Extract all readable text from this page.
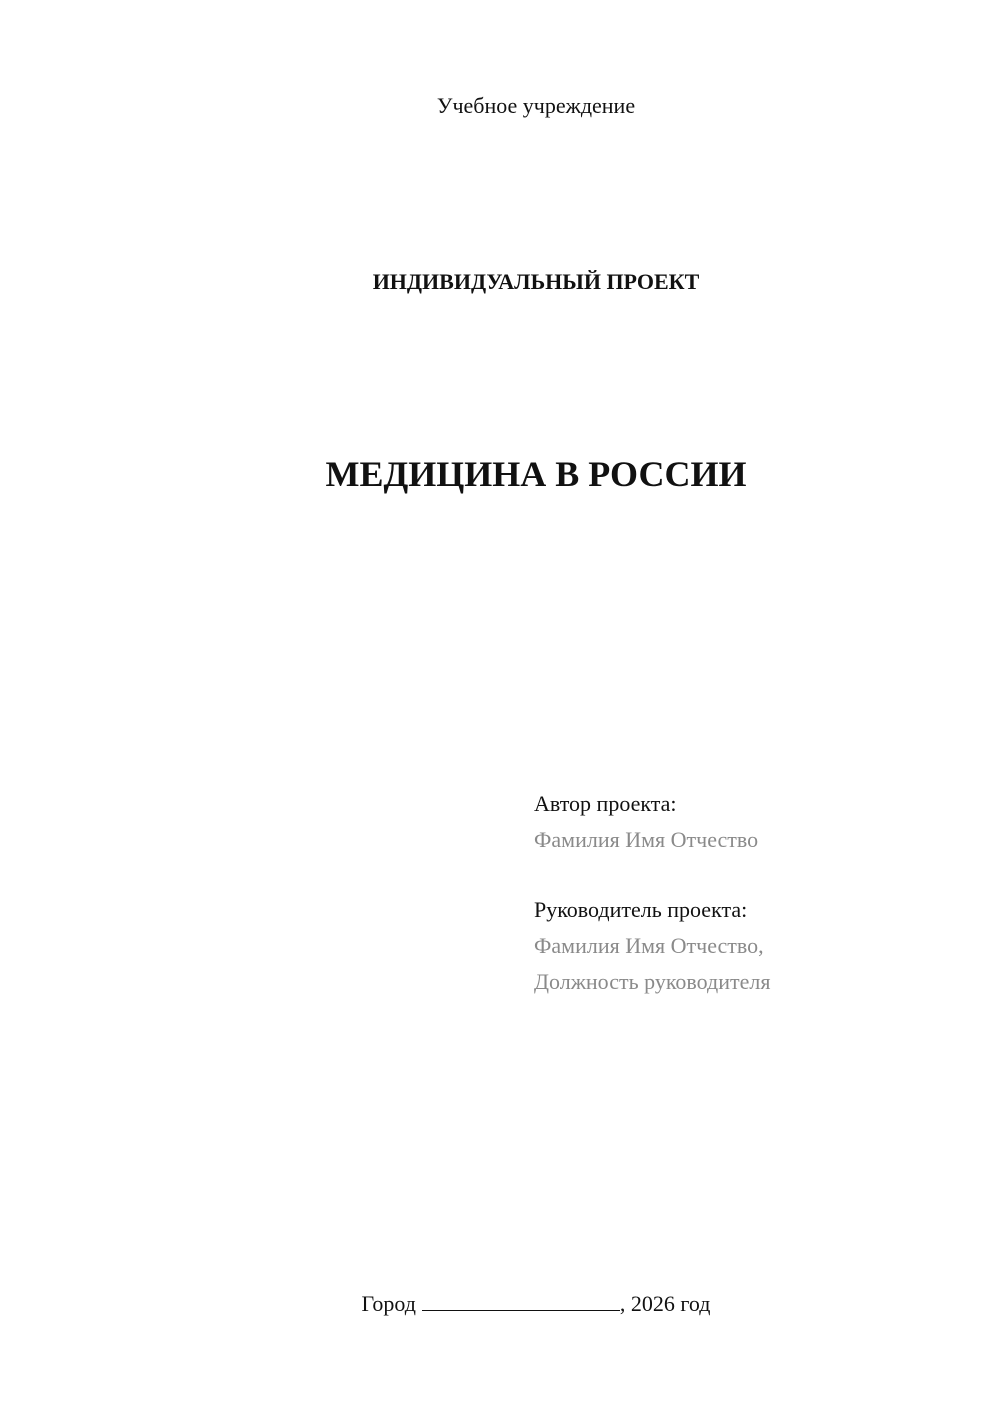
Учебное учреждение
ИНДИВИДУАЛЬНЫЙ ПРОЕКТ
МЕДИЦИНА В РОССИИ
Автор проекта:
Фамилия Имя Отчество
Руководитель проекта:
Фамилия Имя Отчество,
Должность руководителя
Город	, 2026 год
